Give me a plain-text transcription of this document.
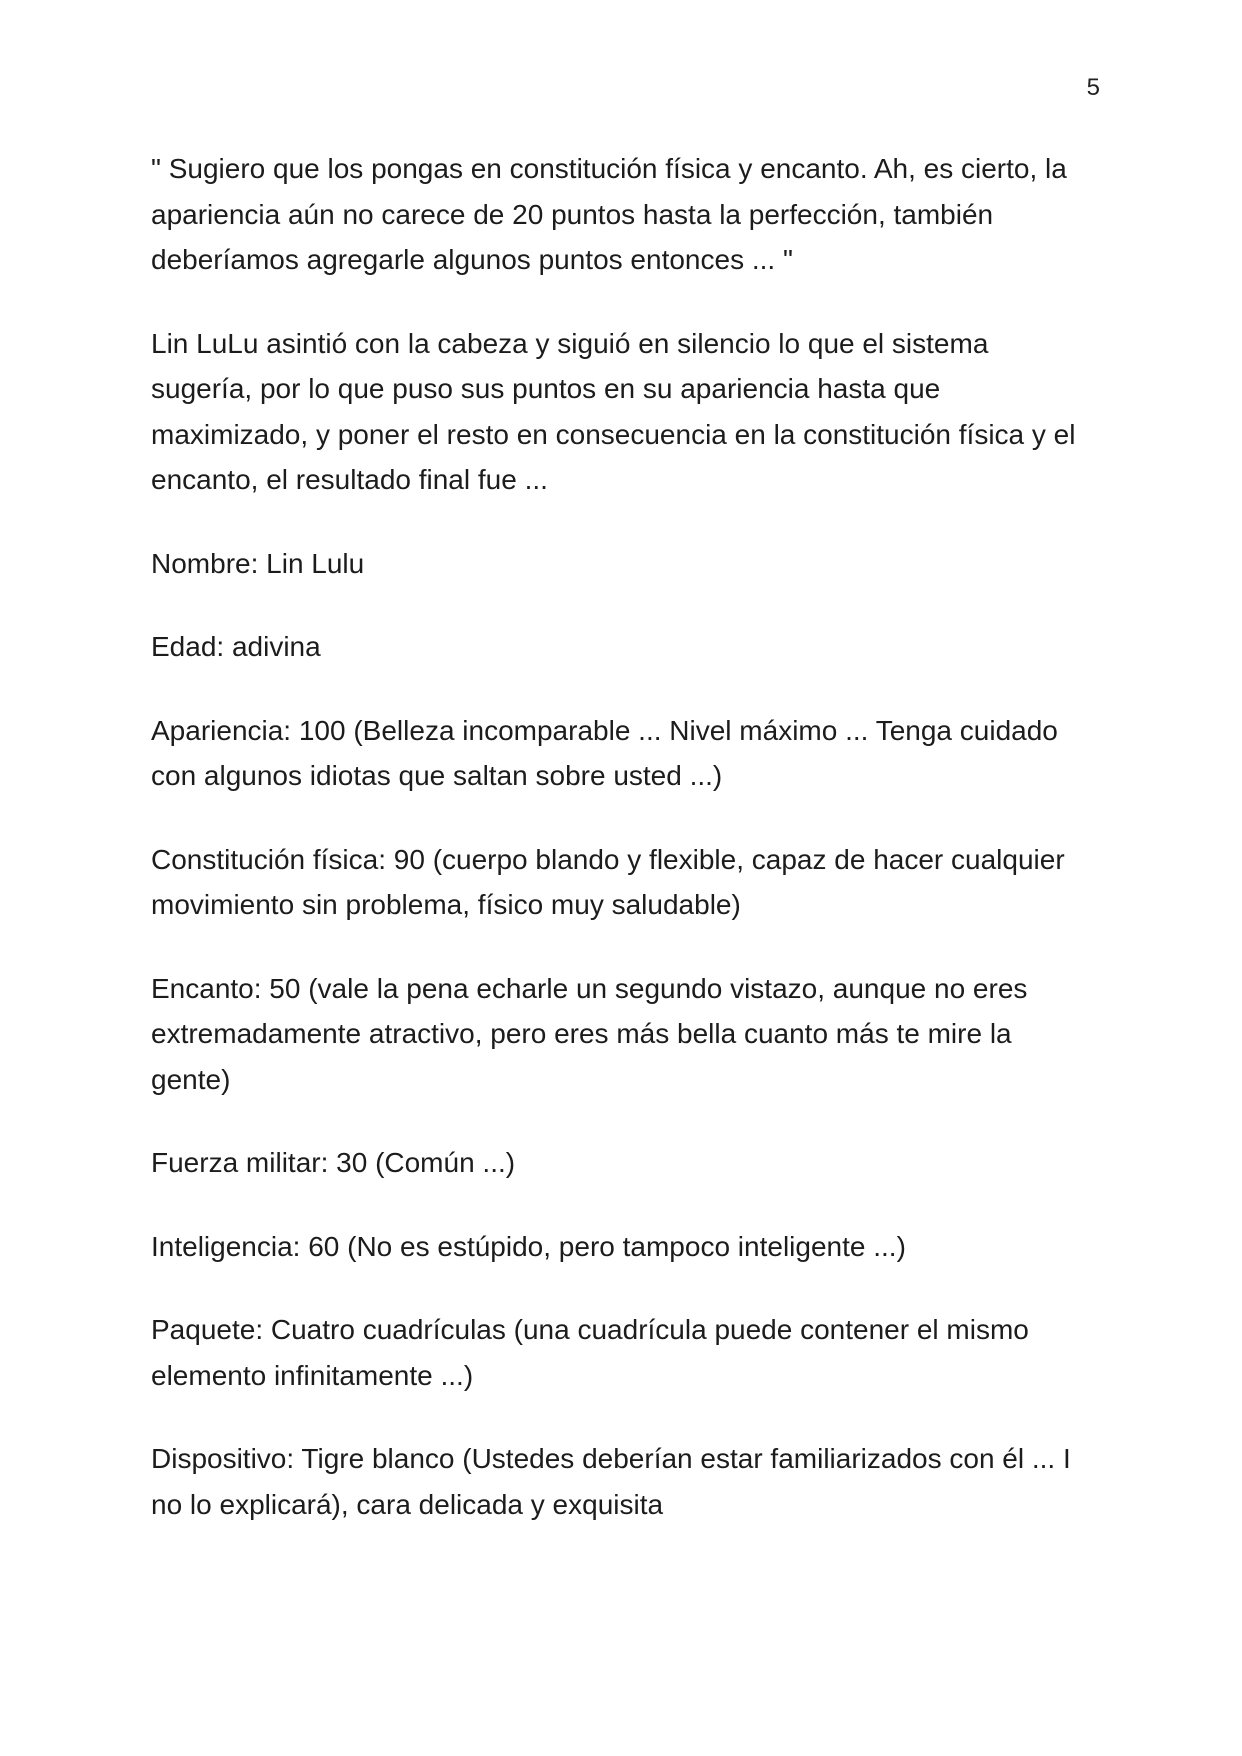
5

" Sugiero que los pongas en constitución física y encanto. Ah, es cierto, la
apariencia aún no carece de 20 puntos hasta la perfección, también
deberíamos agregarle algunos puntos entonces ... "

Lin LuLu asintió con la cabeza y siguió en silencio lo que el sistema
sugería, por lo que puso sus puntos en su apariencia hasta que
maximizado, y poner el resto en consecuencia en la constitución física y el
encanto, el resultado final fue ...

Nombre: Lin Lulu

Edad: adivina

Apariencia: 100 (Belleza incomparable ... Nivel máximo ... Tenga cuidado
con algunos idiotas que saltan sobre usted ...)

Constitución física: 90 (cuerpo blando y flexible, capaz de hacer cualquier
movimiento sin problema, físico muy saludable)

Encanto: 50 (vale la pena echarle un segundo vistazo, aunque no eres
extremadamente atractivo, pero eres más bella cuanto más te mire la
gente)

Fuerza militar: 30 (Común ...)

Inteligencia: 60 (No es estúpido, pero tampoco inteligente ...)

Paquete: Cuatro cuadrículas (una cuadrícula puede contener el mismo
elemento infinitamente ...)

Dispositivo: Tigre blanco (Ustedes deberían estar familiarizados con él ... I
no lo explicará), cara delicada y exquisita
